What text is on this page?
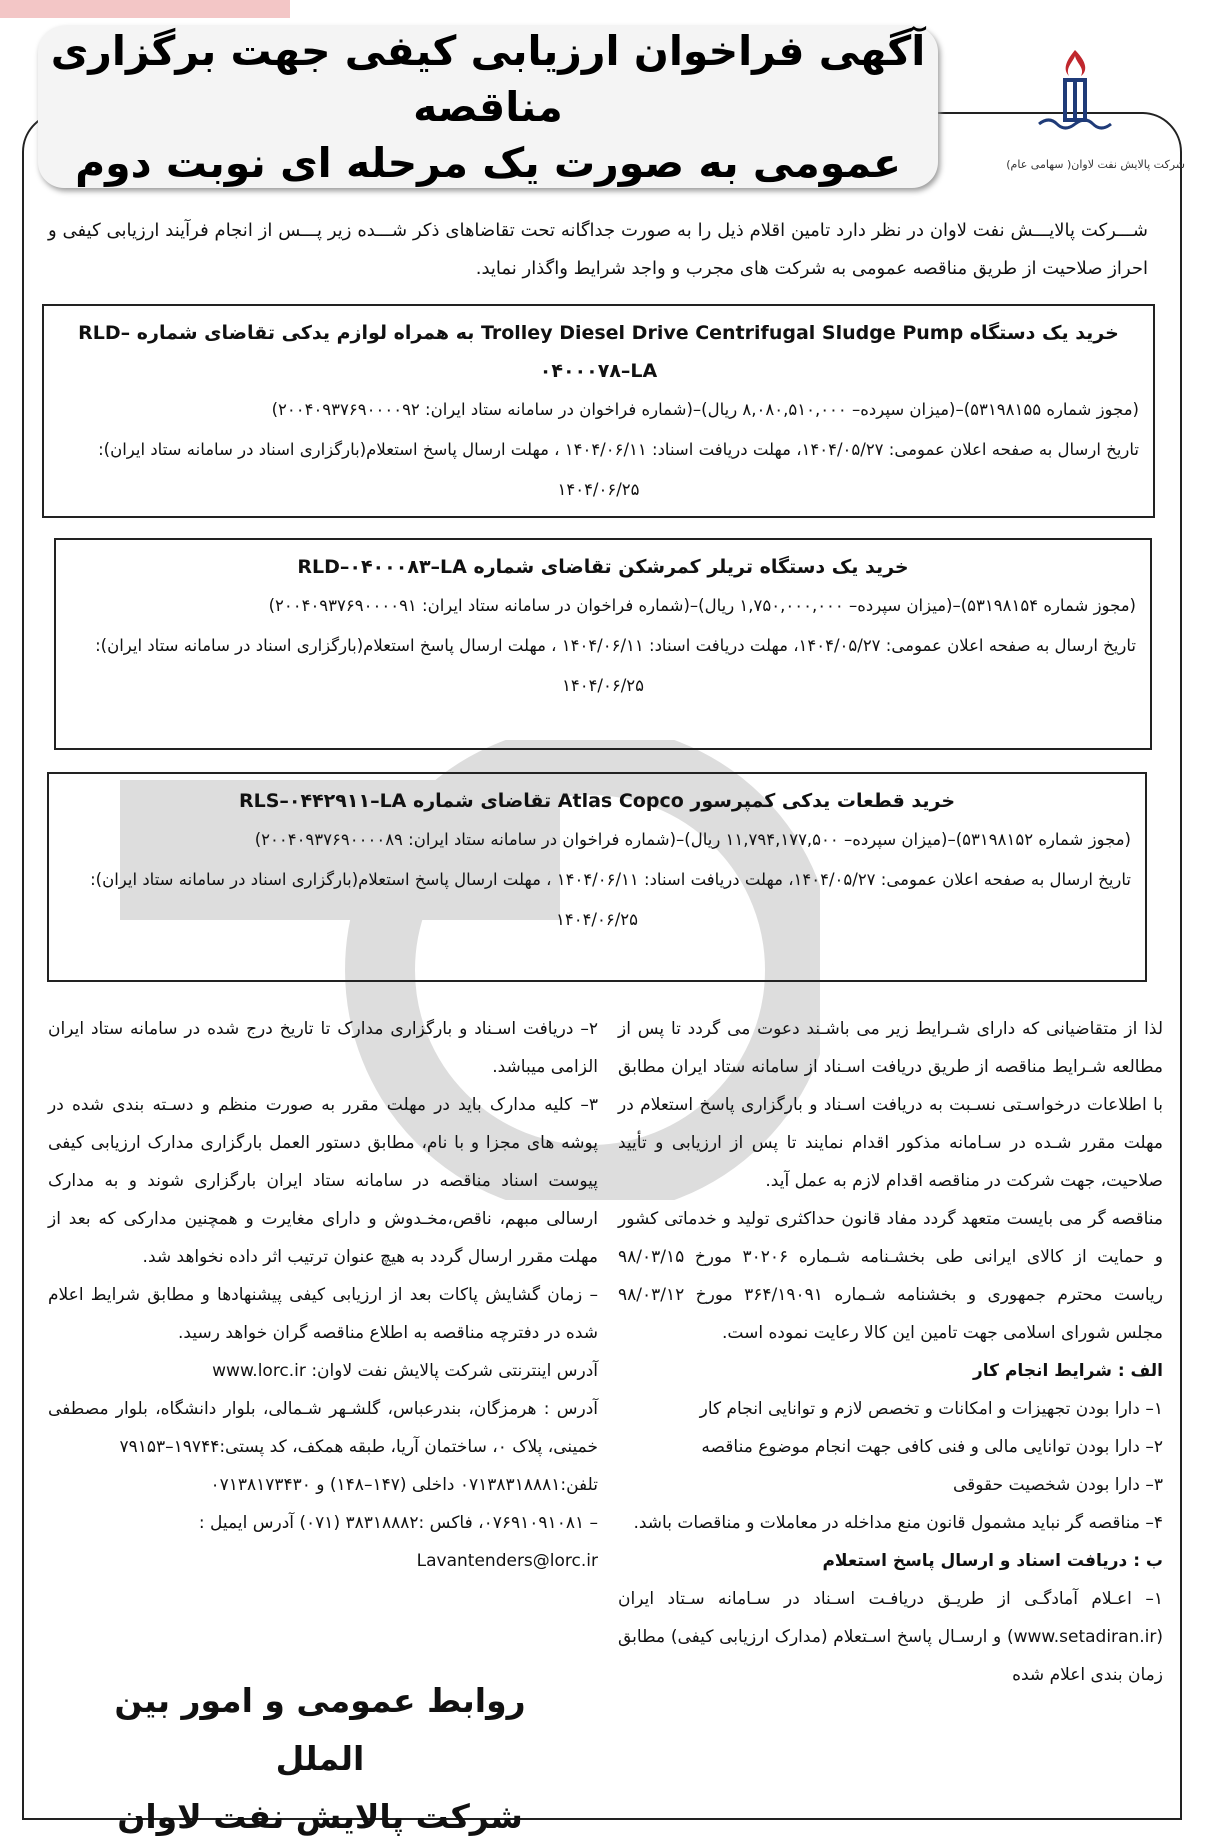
آگهی فراخوان ارزیابی کیفی جهت برگزاری مناقصه
عمومی به صورت یک مرحله ای نوبت دوم	شرکت پالایش نفت لاوان( سهامی عام)
شـــرکت پالایـــش نفت لاوان در نظر دارد تامین اقلام ذیل را به صورت جداگانه تحت تقاضاهای ذکر شـــده زیر پـــس از انجام فرآیند ارزیابی کیفی و احراز صلاحیت از طریق مناقصه عمومی به شرکت های مجرب و واجد شرایط واگذار نماید.
خرید یک دستگاه Trolley Diesel Drive Centrifugal Sludge Pump به همراه لوازم یدکی تقاضای شماره RLD–۰۴۰۰۰۷۸–LA
(مجوز شماره ۵۳۱۹۸۱۵۵)–(میزان سپرده– ۸,۰۸۰,۵۱۰,۰۰۰ ریال)–(شماره فراخوان در سامانه ستاد ایران: ۲۰۰۴۰۹۳۷۶۹۰۰۰۰۹۲)
تاریخ ارسال به صفحه اعلان عمومی: ۱۴۰۴/۰۵/۲۷، مهلت دریافت اسناد: ۱۴۰۴/۰۶/۱۱ ، مهلت ارسال پاسخ استعلام(بارگزاری اسناد در سامانه ستاد ایران):
۱۴۰۴/۰۶/۲۵
خرید یک دستگاه تریلر کمرشکن تقاضای شماره RLD–۰۴۰۰۰۸۳–LA
(مجوز شماره ۵۳۱۹۸۱۵۴)–(میزان سپرده– ۱,۷۵۰,۰۰۰,۰۰۰ ریال)–(شماره فراخوان در سامانه ستاد ایران: ۲۰۰۴۰۹۳۷۶۹۰۰۰۰۹۱)
تاریخ ارسال به صفحه اعلان عمومی: ۱۴۰۴/۰۵/۲۷، مهلت دریافت اسناد: ۱۴۰۴/۰۶/۱۱ ، مهلت ارسال پاسخ استعلام(بارگزاری اسناد در سامانه ستاد ایران):
۱۴۰۴/۰۶/۲۵
خرید قطعات یدکی کمپرسور Atlas Copco تقاضای شماره RLS–۰۴۴۲۹۱۱–LA
(مجوز شماره ۵۳۱۹۸۱۵۲)–(میزان سپرده– ۱۱,۷۹۴,۱۷۷,۵۰۰ ریال)–(شماره فراخوان در سامانه ستاد ایران: ۲۰۰۴۰۹۳۷۶۹۰۰۰۰۸۹)
تاریخ ارسال به صفحه اعلان عمومی: ۱۴۰۴/۰۵/۲۷، مهلت دریافت اسناد: ۱۴۰۴/۰۶/۱۱ ، مهلت ارسال پاسخ استعلام(بارگزاری اسناد در سامانه ستاد ایران):
۱۴۰۴/۰۶/۲۵

لذا از متقاضیانی که دارای شـرایط زیر می باشـند دعوت می گردد تا پس از مطالعه شـرایط مناقصه از طریق دریافت اسـناد از سامانه ستاد ایران مطابق با اطلاعات درخواسـتی نسـبت به دریافت اسـناد و بارگزاری پاسخ استعلام در مهلت مقرر شـده در سـامانه مذکور اقدام نمایند تا پس از ارزیابی و تأیید صلاحیت، جهت شرکت در مناقصه اقدام لازم به عمل آید.

مناقصه گر می بایست متعهد گردد مفاد قانون حداکثری تولید و خدماتی کشور و حمایت از کالای ایرانی طی بخشـنامه شـماره ۳۰۲۰۶ مورخ ۹۸/۰۳/۱۵ ریاست محترم جمهوری و بخشنامه شـماره ۳۶۴/۱۹۰۹۱ مورخ ۹۸/۰۳/۱۲ مجلس شورای اسلامی جهت تامین این کالا رعایت نموده است.

الف : شرایط انجام کار

۱– دارا بودن تجهیزات و امکانات و تخصص لازم و توانایی انجام کار

۲– دارا بودن توانایی مالی و فنی کافی جهت انجام موضوع مناقصه

۳– دارا بودن شخصیت حقوقی

۴– مناقصه گر نباید مشمول قانون منع مداخله در معاملات و مناقصات باشد.

ب : دریافت اسناد و ارسال پاسخ استعلام

۱– اعـلام آمادگـی از طریـق دریافـت اسـناد در سـامانه سـتاد ایران (www.setadiran.ir) و ارسـال پاسخ اسـتعلام (مدارک ارزیابی کیفی) مطابق زمان بندی اعلام شده

۲– دریافت اسـناد و بارگزاری مدارک تا تاریخ درج شده در سامانه ستاد ایران الزامی میباشد.

۳– کلیه مدارک باید در مهلت مقرر به صورت منظم و دسـته بندی شده در پوشه های مجزا و با نام، مطابق دستور العمل بارگزاری مدارک ارزیابی کیفی پیوست اسناد مناقصه در سامانه ستاد ایران بارگزاری شوند و به مدارک ارسالی مبهم، ناقص،مخـدوش و دارای مغایرت و همچنین مدارکی که بعد از مهلت مقرر ارسال گردد به هیچ عنوان ترتیب اثر داده نخواهد شد.

– زمان گشایش پاکات بعد از ارزیابی کیفی پیشنهادها و مطابق شرایط اعلام شده در دفترچه مناقصه به اطلاع مناقصه گران خواهد رسید.

آدرس اینترنتی شرکت پالایش نفت لاوان: www.lorc.ir

آدرس : هرمزگان، بندرعباس، گلشـهر شـمالی، بلوار دانشگاه، بلوار مصطفی خمینی، پلاک ۰، ساختمان آریا، طبقه همکف، کد پستی:۱۹۷۴۴–۷۹۱۵۳

تلفن:۰۷۱۳۸۳۱۸۸۸۱ داخلی (۱۴۷–۱۴۸) و ۰۷۱۳۸۱۷۳۴۳۰

– ۰۷۶۹۱۰۹۱۰۸۱، فاکس :۳۸۳۱۸۸۸۲ (۰۷۱) آدرس ایمیل :

Lavantenders@lorc.ir

روابط عمومی و امور بین الملل
شرکت پالایش نفت لاوان
